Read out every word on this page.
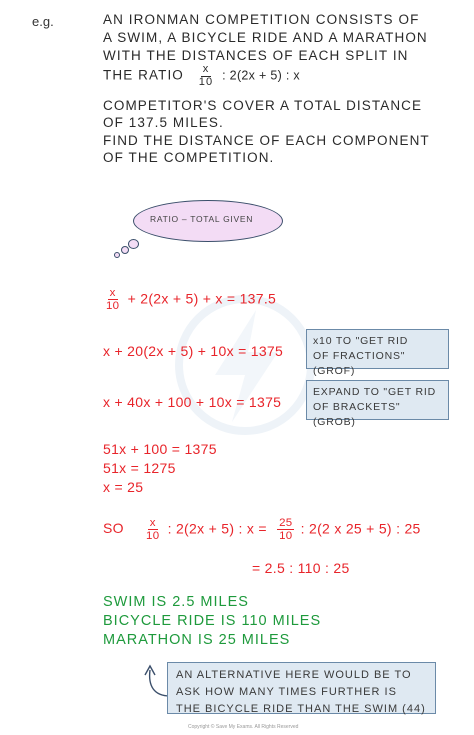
e.g.	AN IRONMAN COMPETITION CONSISTS OF
A SWIM, A BICYCLE RIDE AND A MARATHON
WITH THE DISTANCES OF EACH SPLIT IN
THE RATIO $\frac{x}{10}$ : 2(2x + 5) : x
COMPETITOR'S COVER A TOTAL DISTANCE
OF 137.5 MILES.
FIND THE DISTANCE OF EACH COMPONENT
OF THE COMPETITION.
RATIO – TOTAL GIVEN
$\frac{x}{10} + 2(2x + 5) + x = 137.5$
x + 20(2x + 5) + 10x = 1375
x10 TO "GET RID
OF FRACTIONS" (GROF)
x + 40x + 100 + 10x = 1375
EXPAND TO "GET RID
OF BRACKETS" (GROB)
51x + 100 = 1375
51x = 1275
x = 25
SO $\frac{x}{10}$ : 2(2x + 5) : $x = \frac{25}{10}$ : 2(2 x 25 + 5) : 25
= 2.5 : 110 : 25
SWIM IS 2.5 MILES
BICYCLE RIDE IS 110 MILES
MARATHON IS 25 MILES
AN ALTERNATIVE HERE WOULD BE TO
ASK HOW MANY TIMES FURTHER IS
THE BICYCLE RIDE THAN THE SWIM (44)
Copyright © Save My Exams. All Rights Reserved
